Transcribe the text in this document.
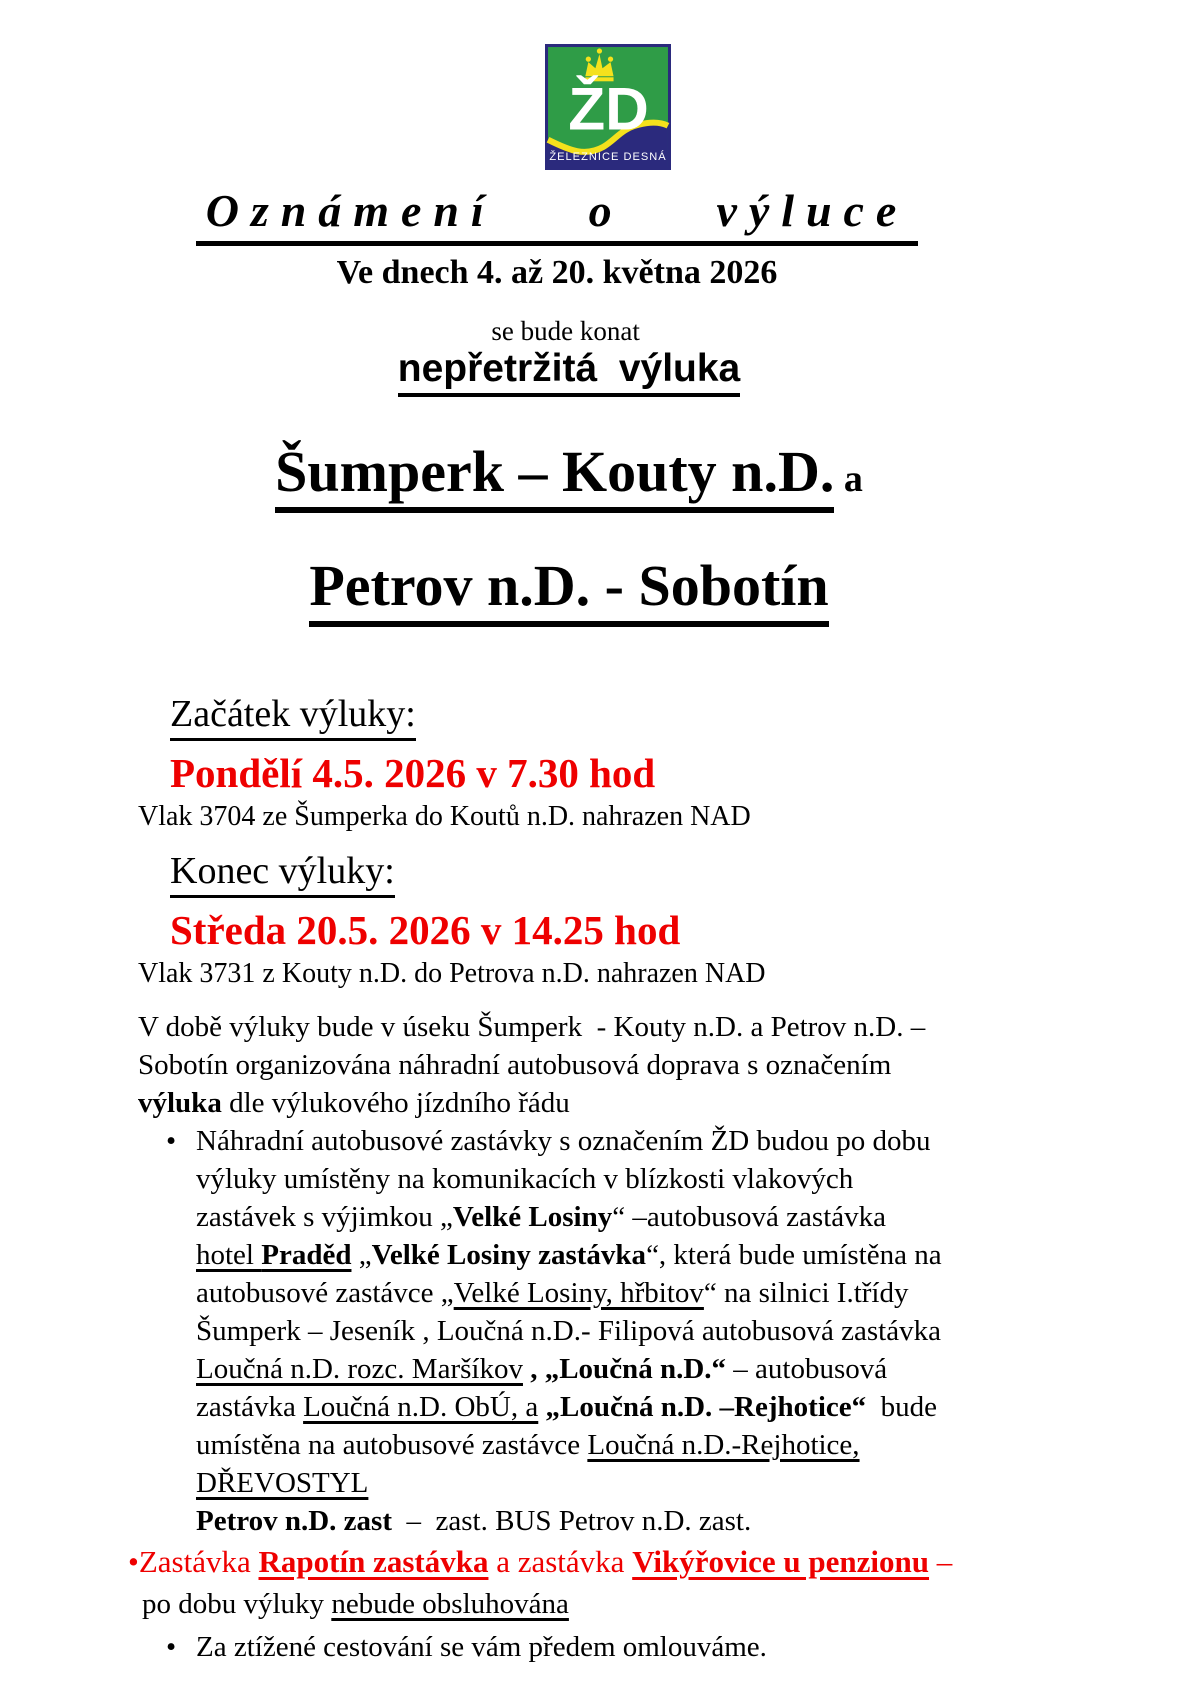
ŽD
ŽELEZNICE DESNÁ
Oznámení  o  výluce
Ve dnech 4. až 20. května 2026

se bude konat
nepřetržitá  výluka

Šumperk – Kouty n.D. a

Petrov n.D. - Sobotín

Začátek výluky:
Pondělí 4.5. 2026 v 7.30 hod
Vlak 3704 ze Šumperka do Koutů n.D. nahrazen NAD
Konec výluky:
Středa 20.5. 2026 v 14.25 hod
Vlak 3731 z Kouty n.D. do Petrova n.D. nahrazen NAD
V době výluky bude v úseku Šumperk  - Kouty n.D. a Petrov n.D. –
Sobotín organizována náhradní autobusová doprava s označením
výluka dle výlukového jízdního řádu
• Náhradní autobusové zastávky s označením ŽD budou po dobu
výluky umístěny na komunikacích v blízkosti vlakových
zastávek s výjimkou „Velké Losiny“ –autobusová zastávka
hotel Praděd „Velké Losiny zastávka“, která bude umístěna na
autobusové zastávce „Velké Losiny, hřbitov“ na silnici I.třídy
Šumperk – Jeseník , Loučná n.D.- Filipová autobusová zastávka
Loučná n.D. rozc. Maršíkov , „Loučná n.D.“ – autobusová
zastávka Loučná n.D. ObÚ, a „Loučná n.D. –Rejhotice“  bude
umístěna na autobusové zastávce Loučná n.D.-Rejhotice,
DŘEVOSTYL
Petrov n.D. zast  –  zast. BUS Petrov n.D. zast.
•Zastávka Rapotín zastávka a zastávka Vikýřovice u penzionu –
po dobu výluky nebude obsluhována
• Za ztížené cestování se vám předem omlouváme.
